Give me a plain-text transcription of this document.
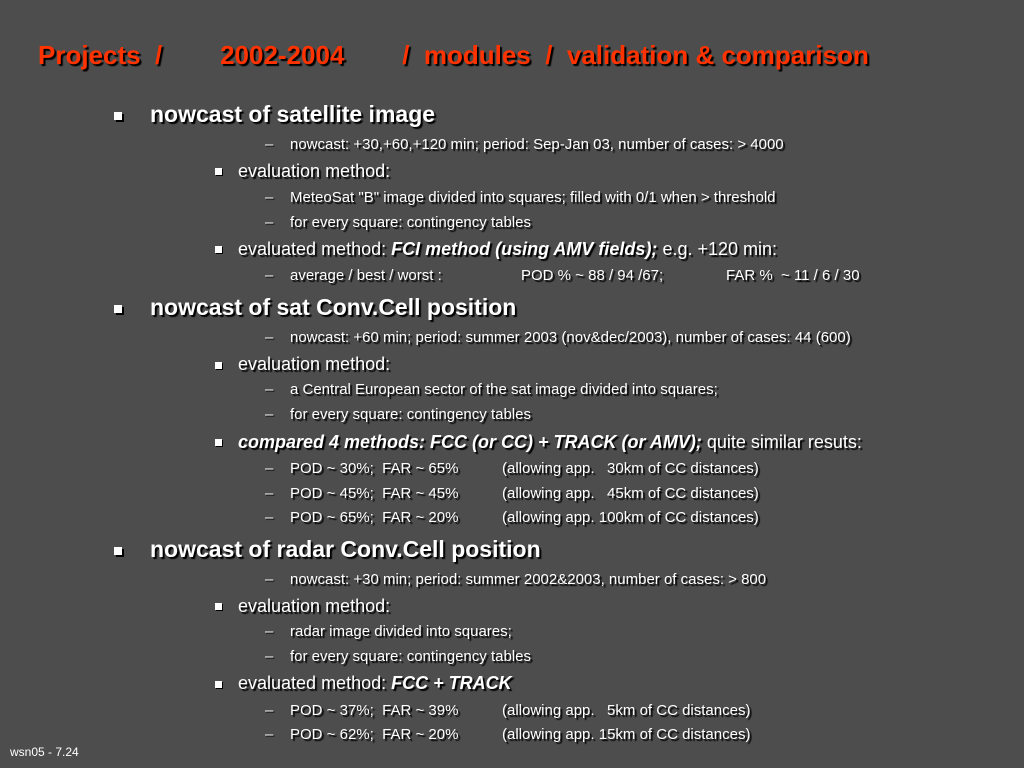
Projects  /        2002-2004        /  modules  /  validation & comparison
nowcast of satellite image
– nowcast: +30,+60,+120 min; period: Sep-Jan 03, number of cases: > 4000
evaluation method:
– MeteoSat "B" image divided into squares; filled with 0/1 when > threshold
– for every square: contingency tables
evaluated method: FCI method (using AMV fields); e.g. +120 min:
– average / best / worst :	POD % ~ 88 / 94 /67;	FAR %  ~ 11 / 6 / 30
nowcast of sat Conv.Cell position
– nowcast: +60 min; period: summer 2003 (nov&dec/2003), number of cases: 44 (600)
evaluation method:
– a Central European sector of the sat image divided into squares;
– for every square: contingency tables
compared 4 methods: FCC (or CC) + TRACK (or AMV); quite similar resuts:
– POD ~ 30%;  FAR ~ 65%	(allowing app.   30km of CC distances)
– POD ~ 45%;  FAR ~ 45%	(allowing app.   45km of CC distances)
– POD ~ 65%;  FAR ~ 20%	(allowing app. 100km of CC distances)
nowcast of radar Conv.Cell position
– nowcast: +30 min; period: summer 2002&2003, number of cases: > 800
evaluation method:
– radar image divided into squares;
– for every square: contingency tables
evaluated method: FCC + TRACK
– POD ~ 37%;  FAR ~ 39%	(allowing app.   5km of CC distances)
– POD ~ 62%;  FAR ~ 20%	(allowing app. 15km of CC distances)
wsn05 - 7.24
